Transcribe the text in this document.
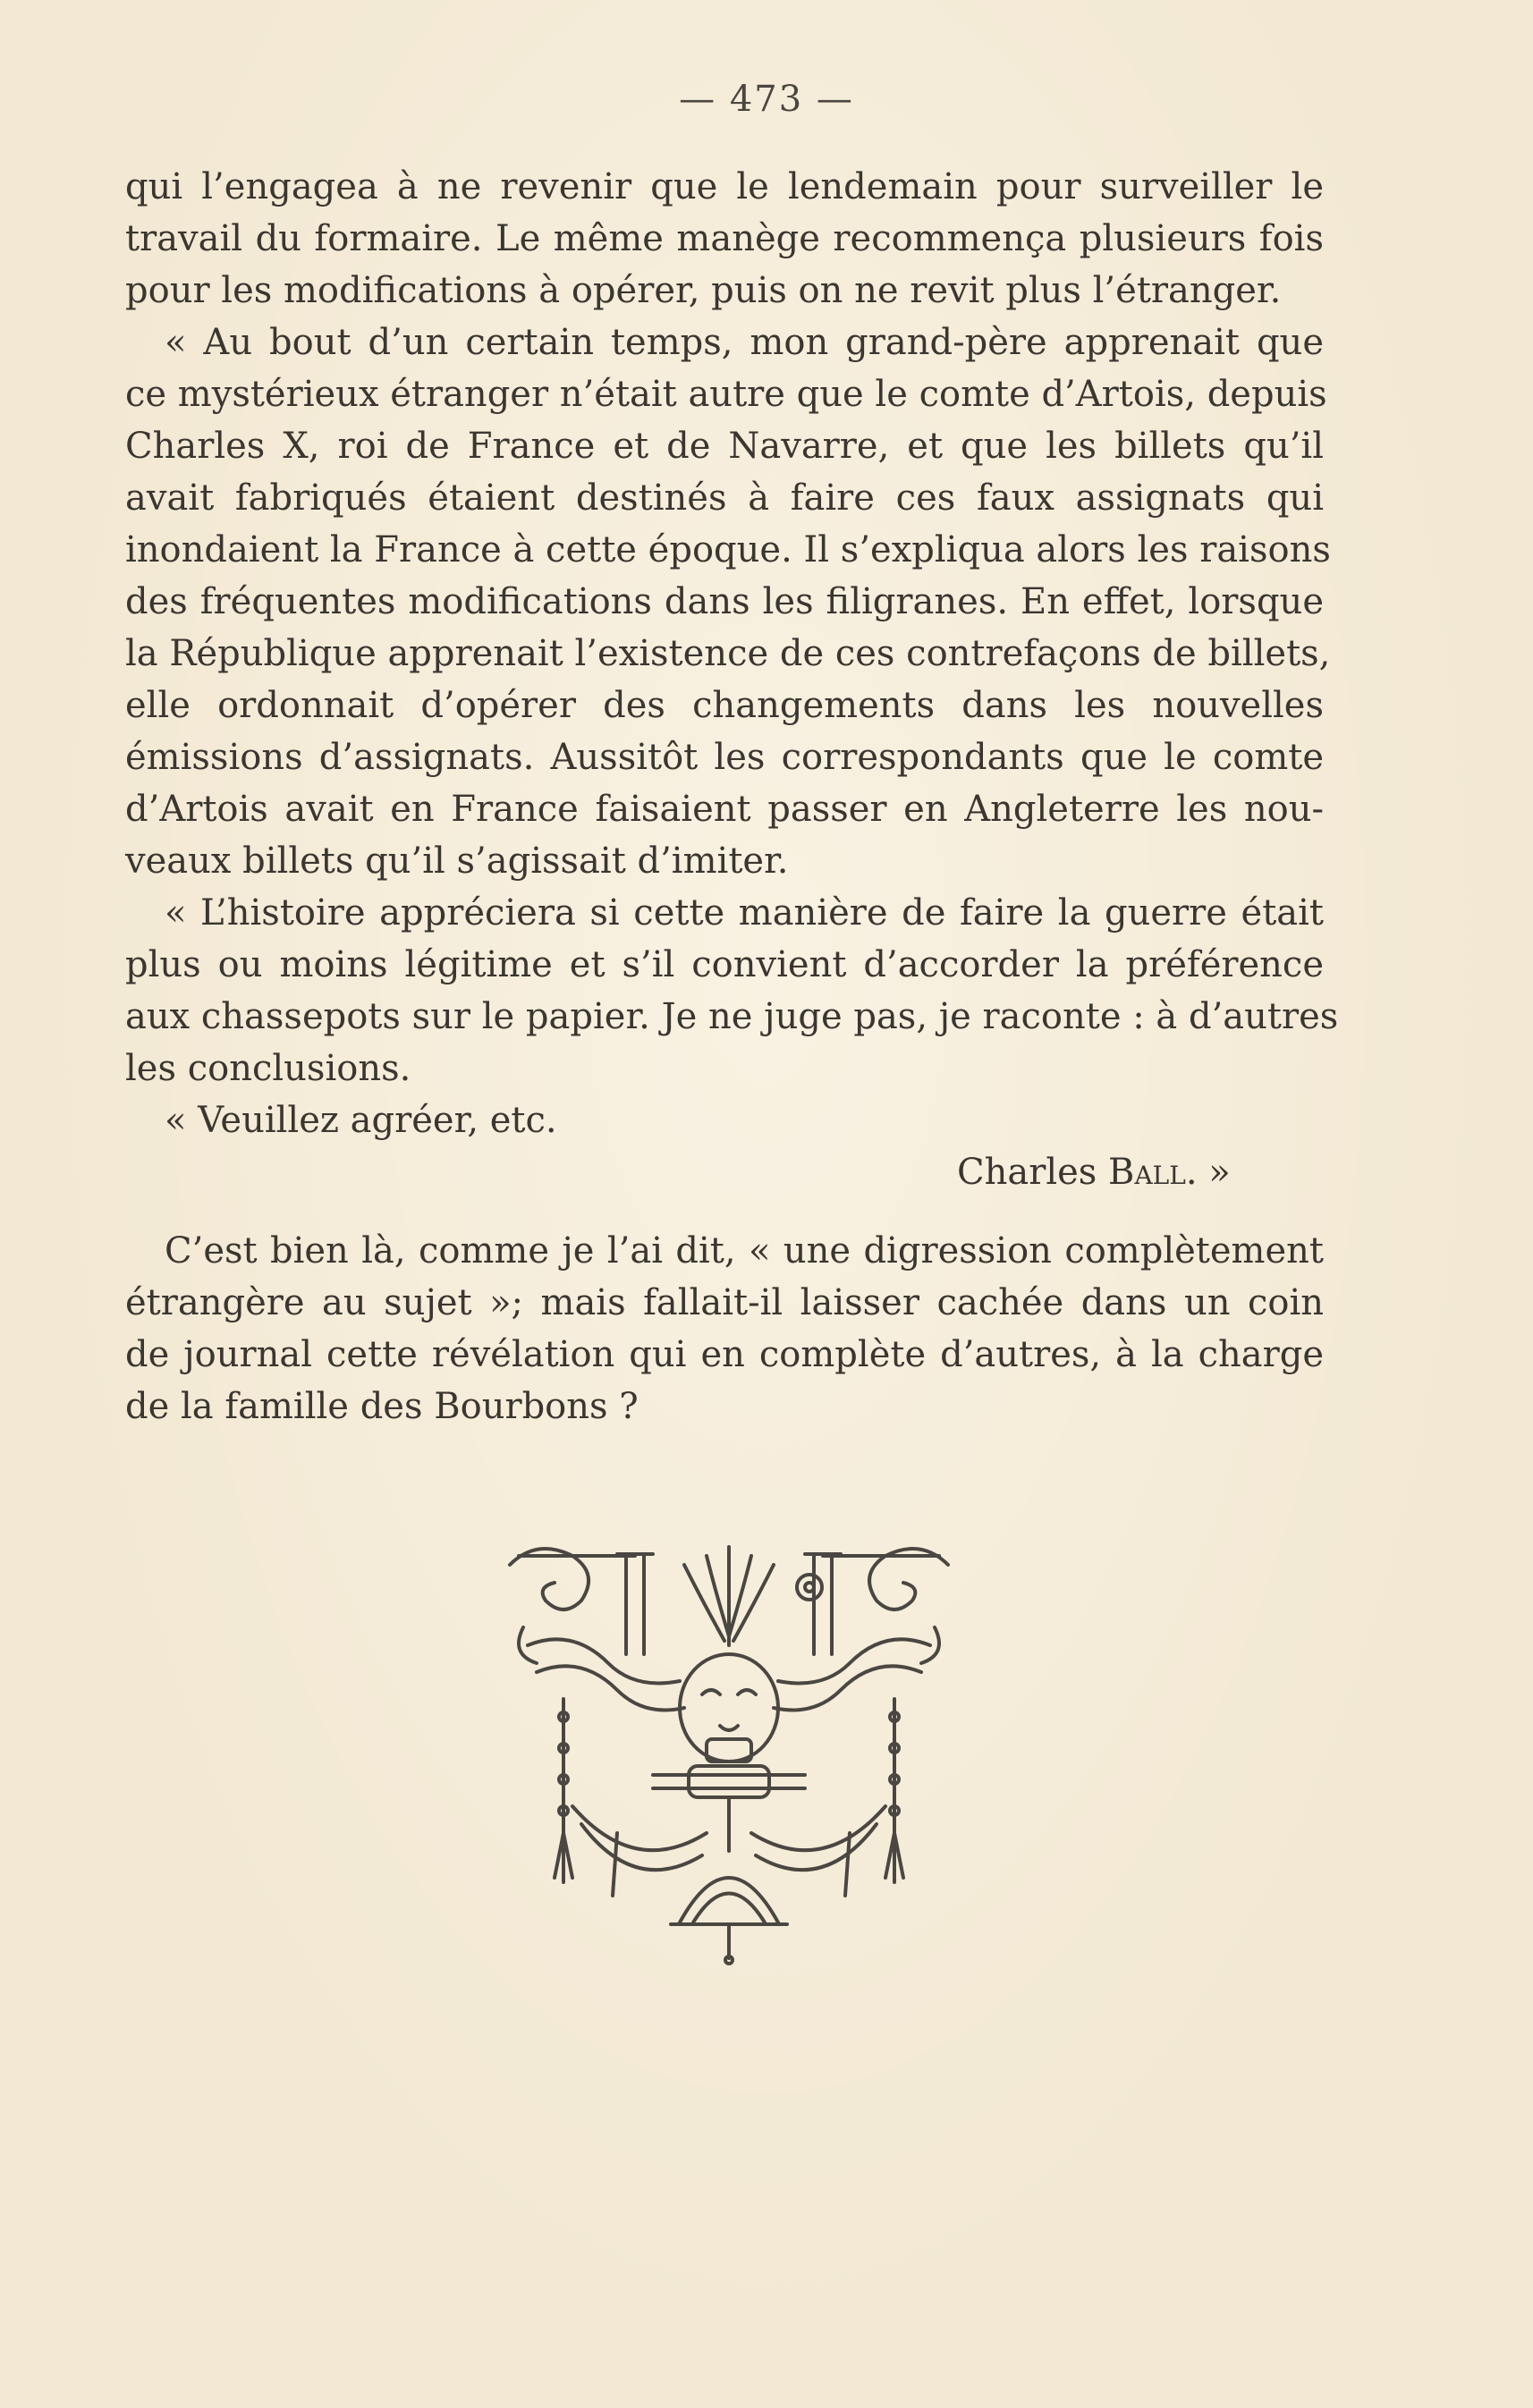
— 473 —

qui l’engagea à ne revenir que le lendemain pour surveiller le
travail du formaire. Le même manège recommença plusieurs fois
pour les modifications à opérer, puis on ne revit plus l’étranger.

« Au bout d’un certain temps, mon grand-père apprenait que
ce mystérieux étranger n’était autre que le comte d’Artois, depuis
Charles X, roi de France et de Navarre, et que les billets qu’il
avait fabriqués étaient destinés à faire ces faux assignats qui
inondaient la France à cette époque. Il s’expliqua alors les raisons
des fréquentes modifications dans les filigranes. En effet, lorsque
la République apprenait l’existence de ces contrefaçons de billets,
elle ordonnait d’opérer des changements dans les nouvelles
émissions d’assignats. Aussitôt les correspondants que le comte
d’Artois avait en France faisaient passer en Angleterre les nou-
veaux billets qu’il s’agissait d’imiter.

« L’histoire appréciera si cette manière de faire la guerre était
plus ou moins légitime et s’il convient d’accorder la préférence
aux chassepots sur le papier. Je ne juge pas, je raconte : à d’autres
les conclusions.

« Veuillez agréer, etc.

Charles Ball. »

C’est bien là, comme je l’ai dit, « une digression complètement
étrangère au sujet »; mais fallait-il laisser cachée dans un coin
de journal cette révélation qui en complète d’autres, à la charge
de la famille des Bourbons ?
